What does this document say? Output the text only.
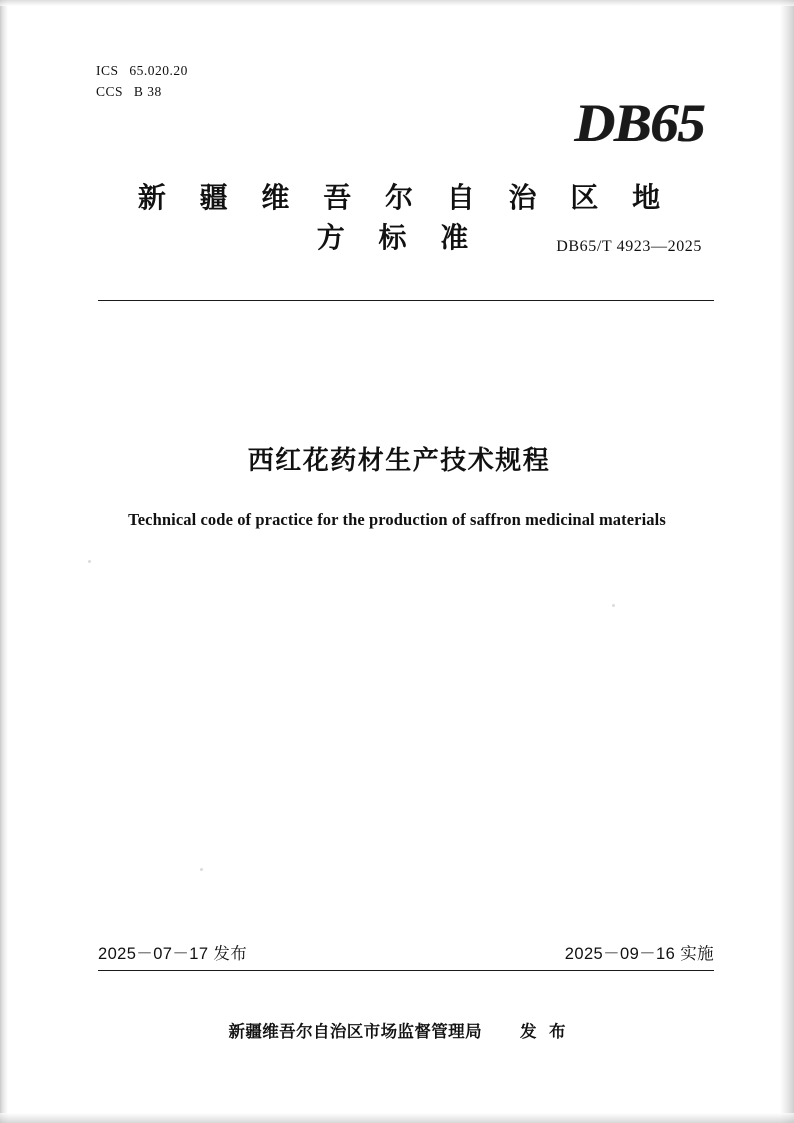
ICS 65.020.20
CCS B 38
DB65
新 疆 维 吾 尔 自 治 区 地 方 标 准	DB65/T 4923—2025
西红花药材生产技术规程
Technical code of practice for the production of saffron medicinal materials
2025－07－17 发布	2025－09－16 实施
新疆维吾尔自治区市场监督管理局 发 布
